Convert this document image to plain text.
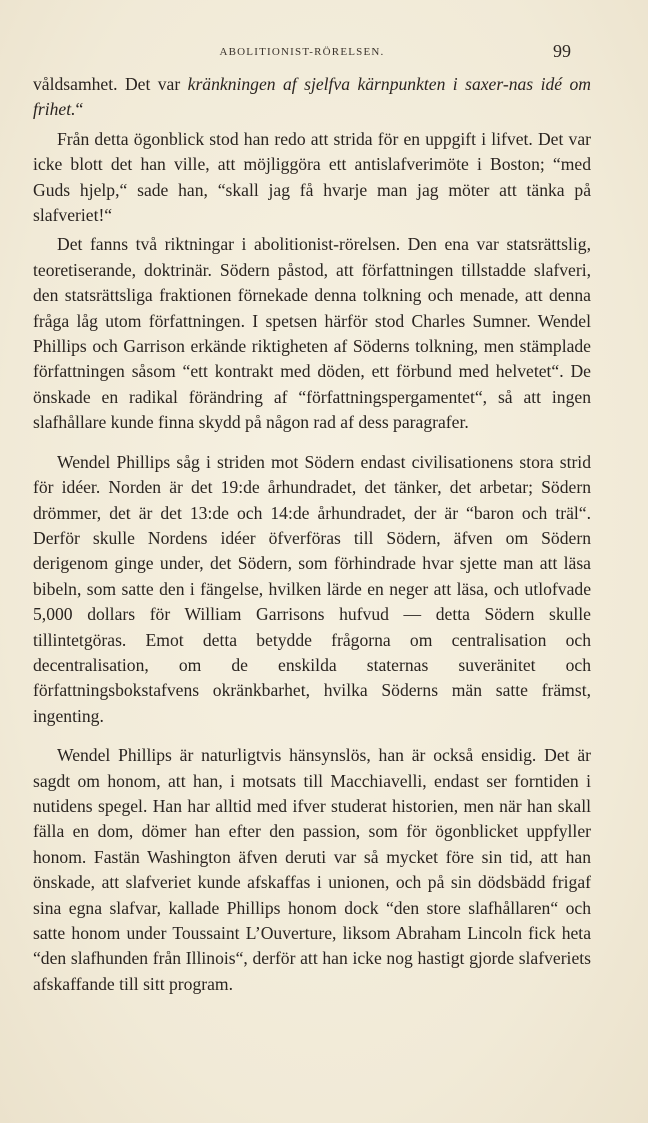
ABOLITIONIST-RÖRELSEN.	99

våldsamhet. Det var kränkningen af sjelfva kärnpunkten i saxer-nas idé om frihet.“

Från detta ögonblick stod han redo att strida för en uppgift i lifvet. Det var icke blott det han ville, att möjliggöra ett antislafverimöte i Boston; “med Guds hjelp,“ sade han, “skall jag få hvarje man jag möter att tänka på slafveriet!“

Det fanns två riktningar i abolitionist-rörelsen. Den ena var statsrättslig, teoretiserande, doktrinär. Södern påstod, att författningen tillstadde slafveri, den statsrättsliga fraktionen förnekade denna tolkning och menade, att denna fråga låg utom författningen. I spetsen härför stod Charles Sumner. Wendel Phillips och Garrison erkände riktigheten af Söderns tolkning, men stämplade författningen såsom “ett kontrakt med döden, ett förbund med helvetet“. De önskade en radikal förändring af “författningspergamentet“, så att ingen slafhållare kunde finna skydd på någon rad af dess paragrafer.

Wendel Phillips såg i striden mot Södern endast civilisationens stora strid för idéer. Norden är det 19:de århundradet, det tänker, det arbetar; Södern drömmer, det är det 13:de och 14:de århundradet, der är “baron och träl“. Derför skulle Nordens idéer öfverföras till Södern, äfven om Södern derigenom ginge under, det Södern, som förhindrade hvar sjette man att läsa bibeln, som satte den i fängelse, hvilken lärde en neger att läsa, och utlofvade 5,000 dollars för William Garrisons hufvud — detta Södern skulle tillintetgöras. Emot detta betydde frågorna om centralisation och decentralisation, om de enskilda staternas suveränitet och författningsbokstafvens okränkbarhet, hvilka Söderns män satte främst, ingenting.

Wendel Phillips är naturligtvis hänsynslös, han är också ensidig. Det är sagdt om honom, att han, i motsats till Macchiavelli, endast ser forntiden i nutidens spegel. Han har alltid med ifver studerat historien, men när han skall fälla en dom, dömer han efter den passion, som för ögonblicket uppfyller honom. Fastän Washington äfven deruti var så mycket före sin tid, att han önskade, att slafveriet kunde afskaffas i unionen, och på sin dödsbädd frigaf sina egna slafvar, kallade Phillips honom dock “den store slafhållaren“ och satte honom under Toussaint L’Ouverture, liksom Abraham Lincoln fick heta “den slafhunden från Illinois“, derför att han icke nog hastigt gjorde slafveriets afskaffande till sitt program.
